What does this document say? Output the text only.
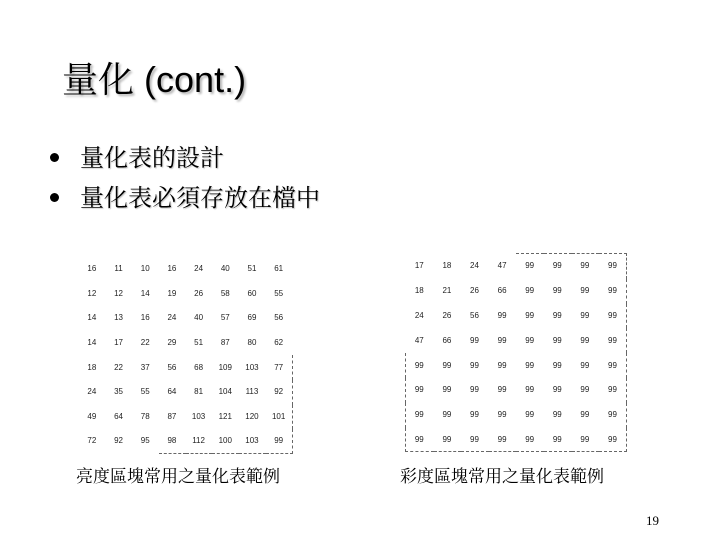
量化 (cont.)
量化表的設計
量化表必須存放在檔中
16	11	10	16	24	40	51	61
12	12	14	19	26	58	60	55
14	13	16	24	40	57	69	56
14	17	22	29	51	87	80	62
18	22	37	56	68	109	103	77
24	35	55	64	81	104	113	92
49	64	78	87	103	121	120	101
72	92	95	98	112	100	103	99
17	18	24	47	99	99	99	99
18	21	26	66	99	99	99	99
24	26	56	99	99	99	99	99
47	66	99	99	99	99	99	99
99	99	99	99	99	99	99	99
99	99	99	99	99	99	99	99
99	99	99	99	99	99	99	99
99	99	99	99	99	99	99	99
亮度區塊常用之量化表範例	彩度區塊常用之量化表範例
19
